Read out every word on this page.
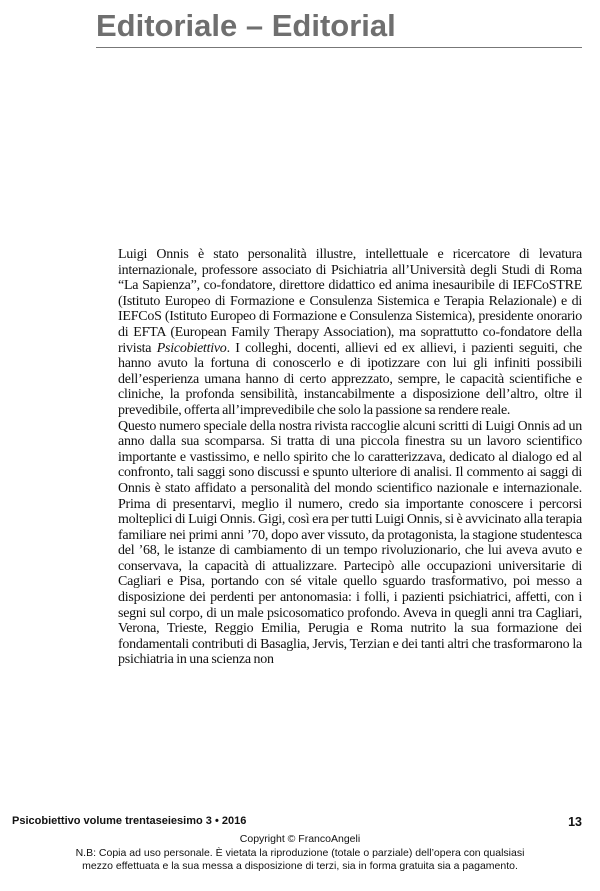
Editoriale – Editorial

Luigi Onnis è stato personalità illustre, intellettuale e ricercatore di levatura internazionale, professore associato di Psichiatria all’Università degli Studi di Roma “La Sapienza”, co-fondatore, direttore didattico ed anima inesauribile di IEFCoSTRE (Istituto Europeo di Formazione e Consulenza Sistemica e Terapia Relazionale) e di IEFCoS (Istituto Europeo di Formazione e Consulenza Sistemica), presidente onorario di EFTA (European Family Therapy Association), ma soprattutto co-fondatore della rivista Psicobiettivo. I colleghi, docenti, allievi ed ex allievi, i pazienti seguiti, che hanno avuto la fortuna di conoscerlo e di ipotizzare con lui gli infiniti possibili dell’esperienza umana hanno di certo apprezzato, sempre, le capacità scientifiche e cliniche, la profonda sensibilità, instancabilmente a disposizione dell’altro, oltre il prevedibile, offerta all’imprevedibile che solo la passione sa rendere reale.

Questo numero speciale della nostra rivista raccoglie alcuni scritti di Luigi Onnis ad un anno dalla sua scomparsa. Si tratta di una piccola finestra su un lavoro scientifico importante e vastissimo, e nello spirito che lo caratterizzava, dedicato al dialogo ed al confronto, tali saggi sono discussi e spunto ulteriore di analisi. Il commento ai saggi di Onnis è stato affidato a personalità del mondo scientifico nazionale e internazionale. Prima di presentarvi, meglio il numero, credo sia importante conoscere i percorsi molteplici di Luigi Onnis. Gigi, così era per tutti Luigi Onnis, si è avvicinato alla terapia familiare nei primi anni ’70, dopo aver vissuto, da protagonista, la stagione studentesca del ’68, le istanze di cambiamento di un tempo rivoluzionario, che lui aveva avuto e conservava, la capacità di attualizzare. Partecipò alle occupazioni universitarie di Cagliari e Pisa, portando con sé vitale quello sguardo trasformativo, poi messo a disposizione dei perdenti per antonomasia: i folli, i pazienti psichiatrici, affetti, con i segni sul corpo, di un male psicosomatico profondo. Aveva in quegli anni tra Cagliari, Verona, Trieste, Reggio Emilia, Perugia e Roma nutrito la sua formazione dei fondamentali contributi di Basaglia, Jervis, Terzian e dei tanti altri che trasformarono la psichiatria in una scienza non

Psicobiettivo volume trentaseiesimo 3 • 2016	13
Copyright © FrancoAngeli
N.B: Copia ad uso personale. È vietata la riproduzione (totale o parziale) dell’opera con qualsiasi
mezzo effettuata e la sua messa a disposizione di terzi, sia in forma gratuita sia a pagamento.
